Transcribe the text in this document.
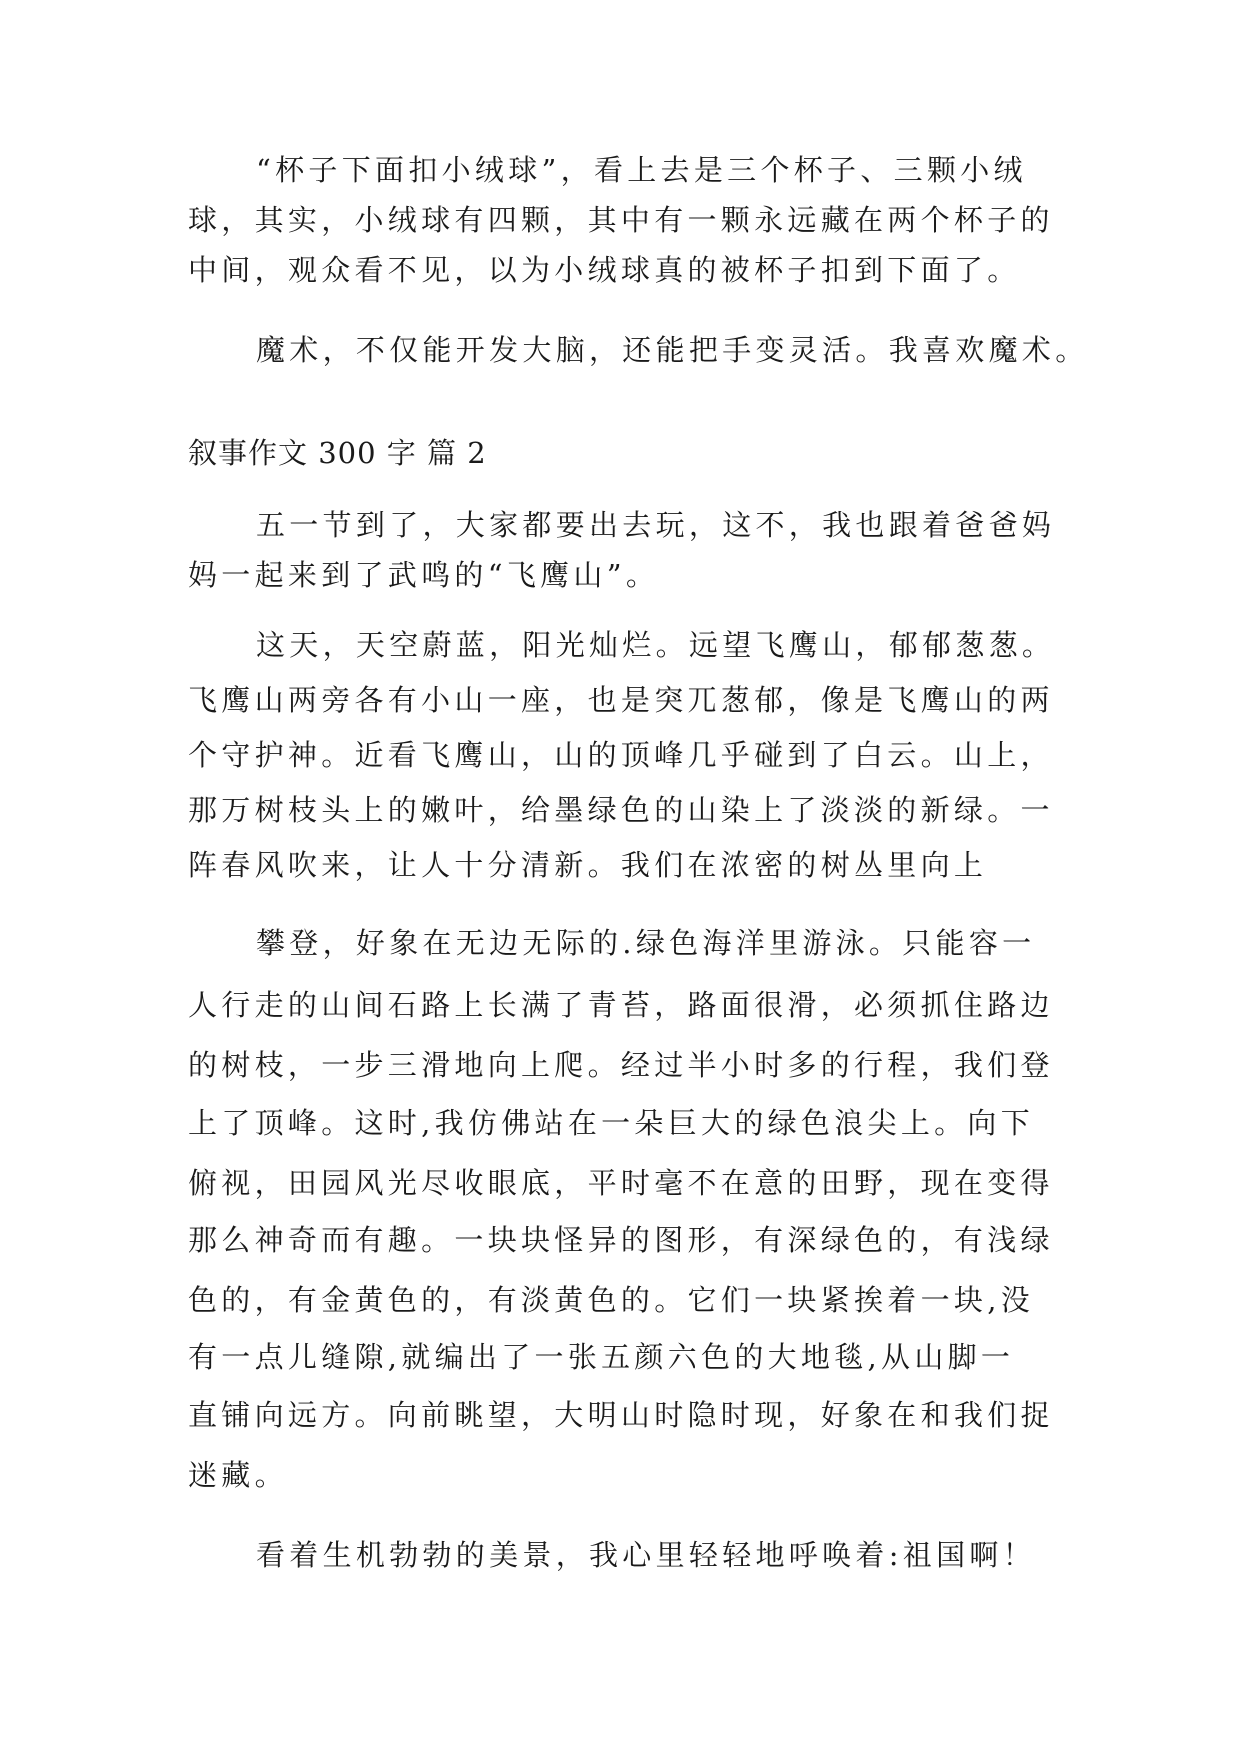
“杯子下面扣小绒球”，看上去是三个杯子、三颗小绒
球，其实，小绒球有四颗，其中有一颗永远藏在两个杯子的
中间，观众看不见，以为小绒球真的被杯子扣到下面了。
魔术，不仅能开发大脑，还能把手变灵活。我喜欢魔术。
叙事作文 300 字 篇 2
五一节到了，大家都要出去玩，这不，我也跟着爸爸妈
妈一起来到了武鸣的“飞鹰山”。
这天，天空蔚蓝，阳光灿烂。远望飞鹰山，郁郁葱葱。
飞鹰山两旁各有小山一座，也是突兀葱郁，像是飞鹰山的两
个守护神。近看飞鹰山，山的顶峰几乎碰到了白云。山上，
那万树枝头上的嫩叶，给墨绿色的山染上了淡淡的新绿。一
阵春风吹来，让人十分清新。我们在浓密的树丛里向上
攀登，好象在无边无际的.绿色海洋里游泳。只能容一
人行走的山间石路上长满了青苔，路面很滑，必须抓住路边
的树枝，一步三滑地向上爬。经过半小时多的行程，我们登
上了顶峰。这时,我仿佛站在一朵巨大的绿色浪尖上。向下
俯视，田园风光尽收眼底，平时毫不在意的田野，现在变得
那么神奇而有趣。一块块怪异的图形，有深绿色的，有浅绿
色的，有金黄色的，有淡黄色的。它们一块紧挨着一块,没
有一点儿缝隙,就编出了一张五颜六色的大地毯,从山脚一
直铺向远方。向前眺望，大明山时隐时现，好象在和我们捉
迷藏。
看着生机勃勃的美景，我心里轻轻地呼唤着:祖国啊！
